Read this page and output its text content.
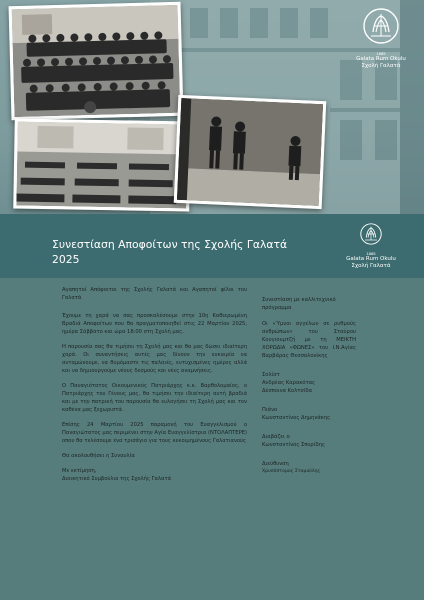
1885
Galata Rum Okulu
Σχολή Γαλατά
Συνεστίαση Αποφοίτων της Σχολής Γαλατά
2025	1885
Galata Rum Okulu
Σχολή Γαλατά

Αγαπητοί Απόφοιτοι της Σχολής Γαλατά και Αγαπητοί φίλοι του Γαλατά

Έχουμε τη χαρά να σας προσκαλέσουμε στην 10η Καθιερωμένη Βραδιά Αποφοίτων που θα πραγματοποιηθεί στις 22 Μαρτίου 2025, ημέρα Σάββατο και ώρα 18:00 στη Σχολή μας.

Η παρουσία σας θα τιμήσει τη Σχολή μας και θα μας δώσει ιδιαίτερη χαρά. Οι συναντήσεις αυτές μας δίνουν την ευκαιρία να ανταμώνουμε, να θυμόμαστε τις παλαιές, ευτυχισμένες ημέρες αλλά και να δημιουργούμε νέους δεσμούς και νέες αναμνήσεις.

Ο Παναγιότατος Οικουμενικός Πατριάρχης κ.κ. Βαρθολομαίος, ο Πατριάρχης του Γένους μας, θα τιμήσει την ιδιαίτερη αυτή βραδιά και με την πατρική του παρουσία θα ευλογήσει τη Σχολή μας και τον καθένα μας ξεχωριστά.

Επίσης 24 Μαρτίου 2025 παραμονή του Ευαγγελισμού ο Παναγιώτατος μας περιμένει στην Αγία Ευαγγελίστρια (ΝΤΟΛΑΠΤΕΡΕ) οπου θα τελέσουμε ένα τρισάγιο για τους κεκοιμημένους Γαλατιανούς

Θα ακολουθήσει η Συναυλία

Με εκτίμηση,
Διοικητικό Συμβούλιο της Σχολής Γαλατά

Συνεστίαση με καλλιτεχνικό πρόγραμμα

Οι «Ύμνοι αγγέλων σε ρυθμούς ανθρώπων» του Σταύρου Κουγιουμτζή με τη ΜΕΙΚΤΗ ΧΟΡΩΔΙΑ «ΦΩΝΕΣ» του Ι.Ν.Αγίας Βαρβάρας Θεσσαλονίκης

Σολίστ
Ανδρέας Καρακότας
Δέσποινα Κολτσίδα
Πιάνο
Κωνσταντίνος Δημηνάκης
Διαβάζει ο
Κωνσταντίνος Σπυρίδης
Διεύθυνση
Χρυσόστομος Σταμούλης
